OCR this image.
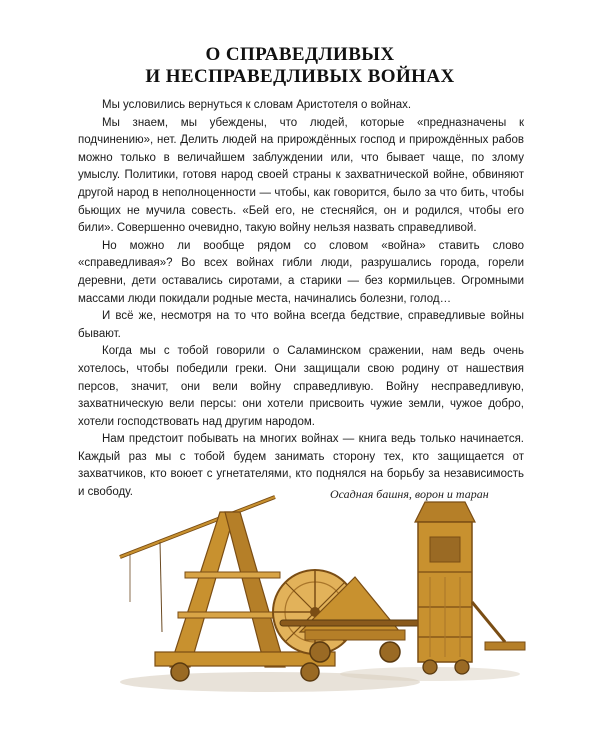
О СПРАВЕДЛИВЫХ
И НЕСПРАВЕДЛИВЫХ ВОЙНАХ

Мы условились вернуться к словам Аристотеля о войнах.

Мы знаем, мы убеждены, что людей, которые «предназначены к подчинению», нет. Делить людей на прирождённых господ и прирождённых рабов можно только в величайшем заблуждении или, что бывает чаще, по злому умыслу. Политики, готовя народ своей страны к захватнической войне, обвиняют другой народ в неполноценности — чтобы, как говорится, было за что бить, чтобы бьющих не мучила совесть. «Бей его, не стесняйся, он и родился, чтобы его били». Совершенно очевидно, такую войну нельзя назвать справедливой.

Но можно ли вообще рядом со словом «война» ставить слово «справедливая»? Во всех войнах гибли люди, разрушались города, горели деревни, дети оставались сиротами, а старики — без кормильцев. Огромными массами люди покидали родные места, начинались болезни, голод…

И всё же, несмотря на то что война всегда бедствие, справедливые войны бывают.

Когда мы с тобой говорили о Саламинском сражении, нам ведь очень хотелось, чтобы победили греки. Они защищали свою родину от нашествия персов, значит, они вели войну справедливую. Войну несправедливую, захватническую вели персы: они хотели присвоить чужие земли, чужое добро, хотели господствовать над другим народом.

Нам предстоит побывать на многих войнах — книга ведь только начинается. Каждый раз мы с тобой будем занимать сторону тех, кто защищается от захватчиков, кто воюет с угнетателями, кто поднялся на борьбу за независимость и свободу.	Осадная башня, ворон и таран
